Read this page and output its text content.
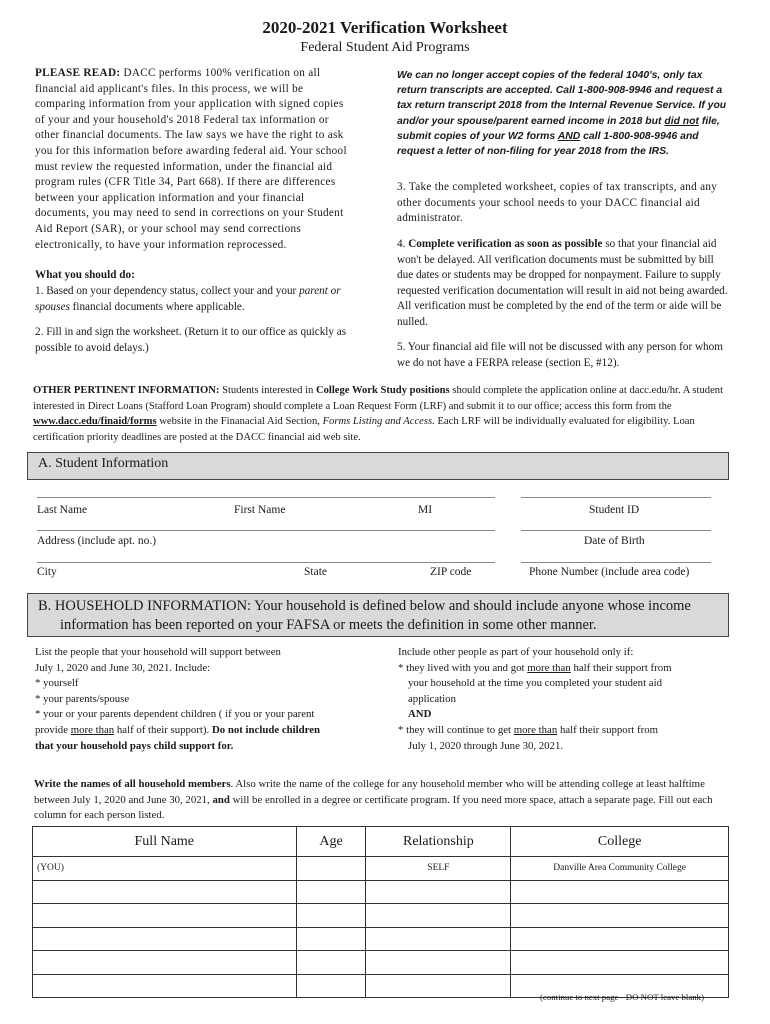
2020-2021 Verification Worksheet
Federal Student Aid Programs
PLEASE READ: DACC performs 100% verification on all financial aid applicant's files. In this process, we will be comparing information from your application with signed copies of your and your household's 2018 Federal tax information or other financial documents. The law says we have the right to ask you for this information before awarding federal aid. Your school must review the requested information, under the financial aid program rules (CFR Title 34, Part 668). If there are differences between your application information and your financial documents, you may need to send in corrections on your Student Aid Report (SAR), or your school may send corrections electronically, to have your information reprocessed.
What you should do:
1. Based on your dependency status, collect your and your parent or spouses financial documents where applicable.
2. Fill in and sign the worksheet. (Return it to our office as quickly as possible to avoid delays.)
We can no longer accept copies of the federal 1040's, only tax return transcripts are accepted. Call 1-800-908-9946 and request a tax return transcript 2018 from the Internal Revenue Service. If you and/or your spouse/parent earned income in 2018 but did not file, submit copies of your W2 forms AND call 1-800-908-9946 and request a letter of non-filing for year 2018 from the IRS.
3. Take the completed worksheet, copies of tax transcripts, and any other documents your school needs to your DACC financial aid administrator.
4. Complete verification as soon as possible so that your financial aid won't be delayed. All verification documents must be submitted by bill due dates or students may be dropped for nonpayment. Failure to supply requested verification documentation will result in aid not being awarded. All verification must be completed by the end of the term or aide will be nulled.
5. Your financial aid file will not be discussed with any person for whom we do not have a FERPA release (section E, #12).
OTHER PERTINENT INFORMATION: Students interested in College Work Study positions should complete the application online at dacc.edu/hr. A student interested in Direct Loans (Stafford Loan Program) should complete a Loan Request Form (LRF) and submit it to our office; access this form from the www.dacc.edu/finaid/forms website in the Finanacial Aid Section, Forms Listing and Access. Each LRF will be individually evaluated for eligibility. Loan certification priority deadlines are posted at the DACC financial aid web site.
A. Student Information
Last Name	First Name	MI	Student ID
Address (include apt. no.)	Date of Birth
City	State	ZIP code	Phone Number (include area code)
B. HOUSEHOLD INFORMATION: Your household is defined below and should include anyone whose income
information has been reported on your FAFSA or meets the definition in some other manner.
List the people that your household will support between
July 1, 2020 and June 30, 2021. Include:
* yourself
* your parents/spouse
* your or your parents dependent children ( if you or your parent
provide more than half of their support). Do not include children
that your household pays child support for.
Include other people as part of your household only if:
* they lived with you and got more than half their support from
your household at the time you completed your student aid
application
AND
* they will continue to get more than half their support from
July 1, 2020 through June 30, 2021.
Write the names of all household members. Also write the name of the college for any household member who will be attending college at least halftime between July 1, 2020 and June 30, 2021, and will be enrolled in a degree or certificate program. If you need more space, attach a separate page. Fill out each column for each person listed.
Full Name	Age	Relationship	College
(YOU)		SELF	Danville Area Community College

(continue to next page - DO NOT leave blank)
